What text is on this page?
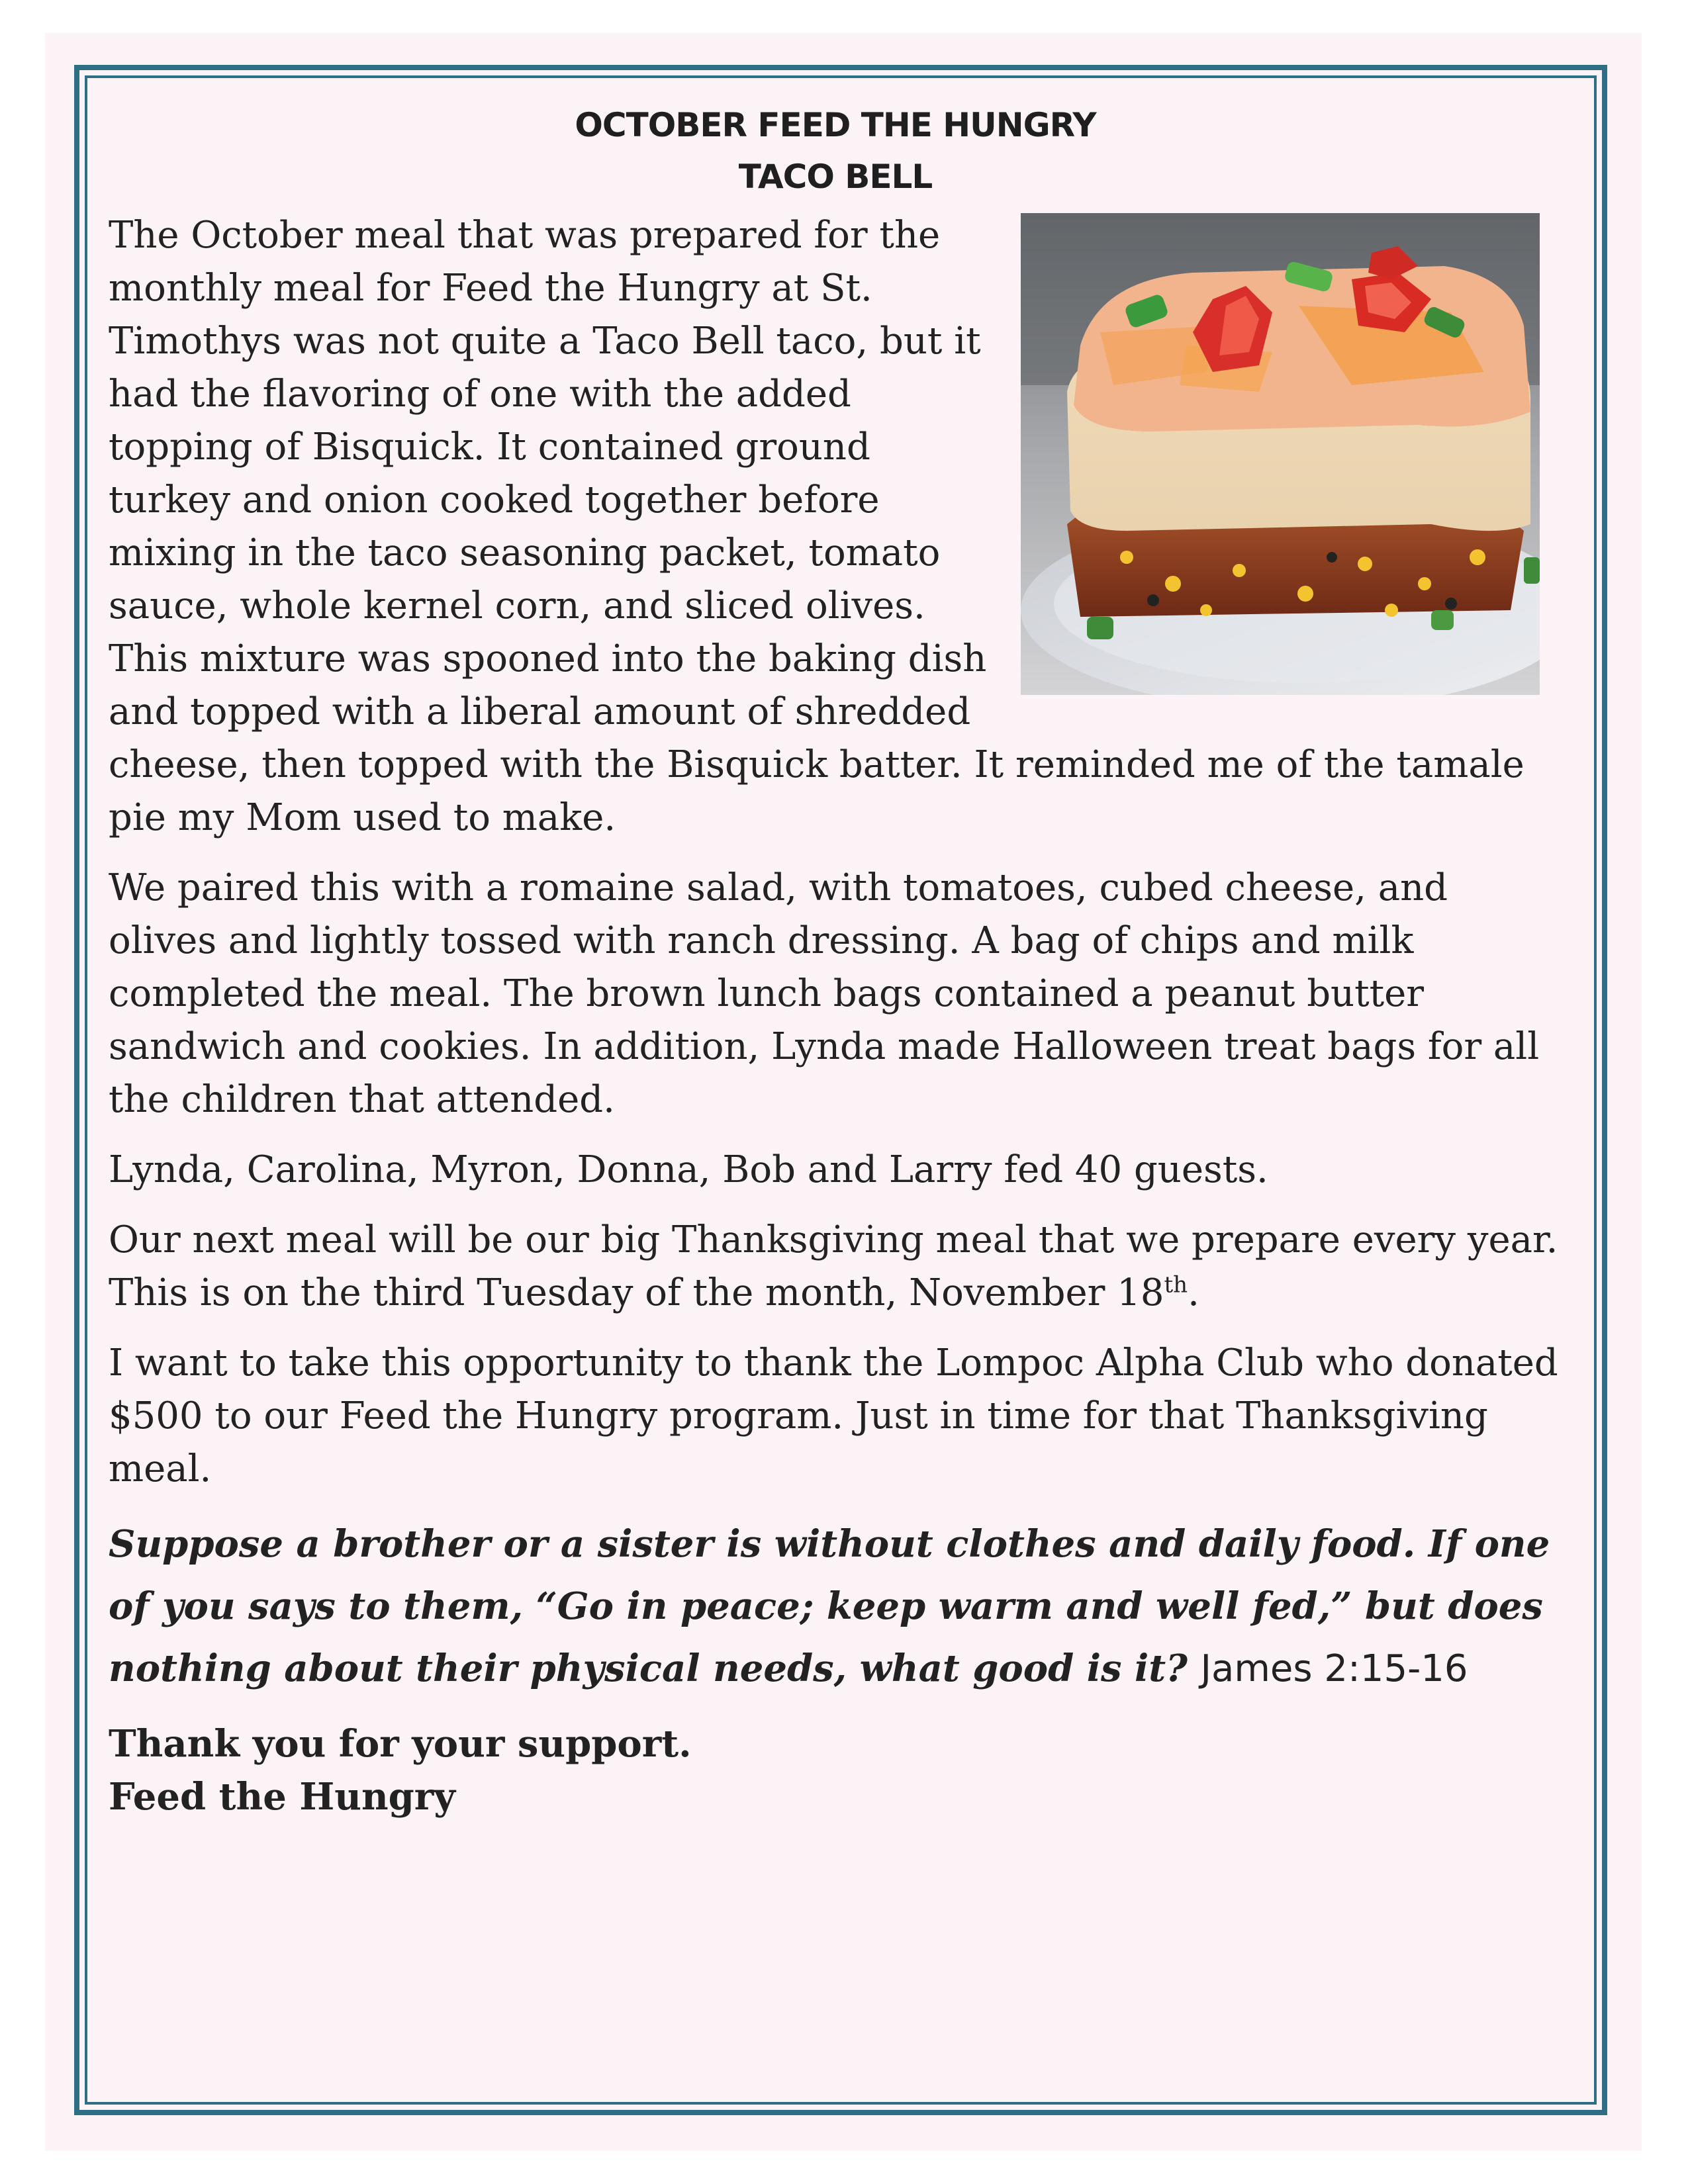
OCTOBER FEED THE HUNGRY
TACO BELL

The October meal that was prepared for the monthly meal for Feed the Hungry at St. Timothys was not quite a Taco Bell taco, but it had the flavoring of one with the added topping of Bisquick. It contained ground turkey and onion cooked together before mixing in the taco seasoning packet, tomato sauce, whole kernel corn, and sliced olives. This mixture was spooned into the baking dish and topped with a liberal amount of shredded cheese, then topped with the Bisquick batter. It reminded me of the tamale pie my Mom used to make.

We paired this with a romaine salad, with tomatoes, cubed cheese, and olives and lightly tossed with ranch dressing. A bag of chips and milk completed the meal. The brown lunch bags contained a peanut butter sandwich and cookies. In addition, Lynda made Halloween treat bags for all the children that attended.

Lynda, Carolina, Myron, Donna, Bob and Larry fed 40 guests.

Our next meal will be our big Thanksgiving meal that we prepare every year. This is on the third Tuesday of the month, November 18th.

I want to take this opportunity to thank the Lompoc Alpha Club who donated $500 to our Feed the Hungry program. Just in time for that Thanksgiving meal.

Suppose a brother or a sister is without clothes and daily food. If one of you says to them, “Go in peace; keep warm and well fed,” but does nothing about their physical needs, what good is it? James 2:15-16

Thank you for your support.
Feed the Hungry
